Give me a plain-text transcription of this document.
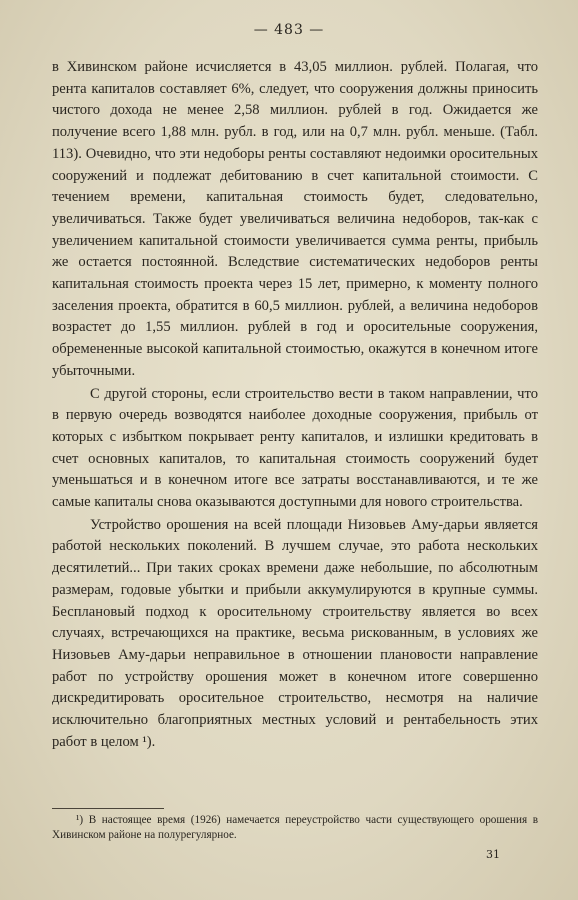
— 483 —

в Хивинском районе исчисляется в 43,05 миллион. рублей. Полагая, что рента капиталов составляет 6%, следует, что сооружения должны приносить чистого дохода не менее 2,58 миллион. рублей в год. Ожидается же получение всего 1,88 млн. рубл. в год, или на 0,7 млн. рубл. меньше. (Табл. 113). Очевидно, что эти недоборы ренты составляют недоимки оросительных сооружений и подлежат дебитованию в счет капитальной стоимости. С течением времени, капитальная стоимость будет, следовательно, увеличиваться. Также будет увеличиваться величина недоборов, так-как с увеличением капитальной стоимости увеличивается сумма ренты, прибыль же остается постоянной. Вследствие систематических недоборов ренты капитальная стоимость проекта через 15 лет, примерно, к моменту полного заселения проекта, обратится в 60,5 миллион. рублей, а величина недоборов возрастет до 1,55 миллион. рублей в год и оросительные сооружения, обремененные высокой капитальной стоимостью, окажутся в конечном итоге убыточными.

С другой стороны, если строительство вести в таком направлении, что в первую очередь возводятся наиболее доходные сооружения, прибыль от которых с избытком покрывает ренту капиталов, и излишки кредитовать в счет основных капиталов, то капитальная стоимость сооружений будет уменьшаться и в конечном итоге все затраты восстанавливаются, и те же самые капиталы снова оказываются доступными для нового строительства.

Устройство орошения на всей площади Низовьев Аму-дарьи является работой нескольких поколений. В лучшем случае, это работа нескольких десятилетий... При таких сроках времени даже небольшие, по абсолютным размерам, годовые убытки и прибыли аккумулируются в крупные суммы. Бесплановый подход к оросительному строительству является во всех случаях, встречающихся на практике, весьма рискованным, в условиях же Низовьев Аму-дарьи неправильное в отношении плановости направление работ по устройству орошения может в конечном итоге совершенно дискредитировать оросительное строительство, несмотря на наличие исключительно благоприятных местных условий и рентабельность этих работ в целом ¹).

¹) В настоящее время (1926) намечается переустройство части существующего орошения в Хивинском районе на полурегулярное.
31
